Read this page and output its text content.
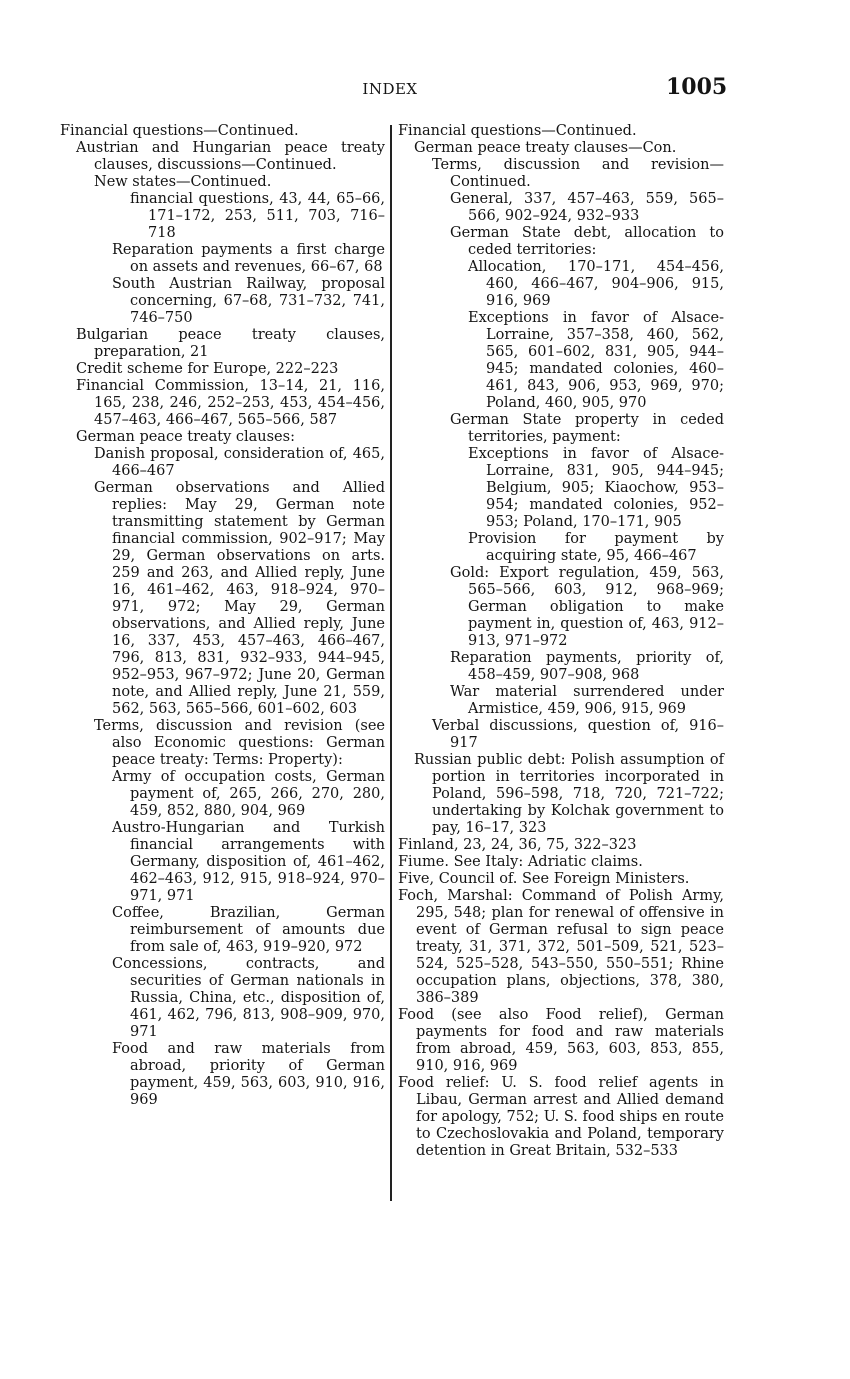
INDEX	1005

Financial questions—Continued.

Austrian and Hungarian peace treaty clauses, discussions—Continued.

New states—Continued.

financial questions, 43, 44, 65–66, 171–172, 253, 511, 703, 716–718

Reparation payments a first charge on assets and revenues, 66–67, 68

South Austrian Railway, proposal concerning, 67–68, 731–732, 741, 746–750

Bulgarian peace treaty clauses, preparation, 21

Credit scheme for Europe, 222–223

Financial Commission, 13–14, 21, 116, 165, 238, 246, 252–253, 453, 454–456, 457–463, 466–467, 565–566, 587

German peace treaty clauses:

Danish proposal, consideration of, 465, 466–467

German observations and Allied replies: May 29, German note transmitting statement by German financial commission, 902–917; May 29, German observations on arts. 259 and 263, and Allied reply, June 16, 461–462, 463, 918–924, 970–971, 972; May 29, German observations, and Allied reply, June 16, 337, 453, 457–463, 466–467, 796, 813, 831, 932–933, 944–945, 952–953, 967–972; June 20, German note, and Allied reply, June 21, 559, 562, 563, 565–566, 601–602, 603

Terms, discussion and revision (see also Economic questions: German peace treaty: Terms: Property):

Army of occupation costs, German payment of, 265, 266, 270, 280, 459, 852, 880, 904, 969

Austro-Hungarian and Turkish financial arrangements with Germany, disposition of, 461–462, 462–463, 912, 915, 918–924, 970–971, 971

Coffee, Brazilian, German reimbursement of amounts due from sale of, 463, 919–920, 972

Concessions, contracts, and securities of German nationals in Russia, China, etc., disposition of, 461, 462, 796, 813, 908–909, 970, 971

Food and raw materials from abroad, priority of German payment, 459, 563, 603, 910, 916, 969

Financial questions—Continued.

German peace treaty clauses—Con.

Terms, discussion and revision—Continued.

General, 337, 457–463, 559, 565–566, 902–924, 932–933

German State debt, allocation to ceded territories:

Allocation, 170–171, 454–456, 460, 466–467, 904–906, 915, 916, 969

Exceptions in favor of Alsace-Lorraine, 357–358, 460, 562, 565, 601–602, 831, 905, 944–945; mandated colonies, 460–461, 843, 906, 953, 969, 970; Poland, 460, 905, 970

German State property in ceded territories, payment:

Exceptions in favor of Alsace-Lorraine, 831, 905, 944–945; Belgium, 905; Kiaochow, 953–954; mandated colonies, 952–953; Poland, 170–171, 905

Provision for payment by acquiring state, 95, 466–467

Gold: Export regulation, 459, 563, 565–566, 603, 912, 968–969; German obligation to make payment in, question of, 463, 912–913, 971–972

Reparation payments, priority of, 458–459, 907–908, 968

War material surrendered under Armistice, 459, 906, 915, 969

Verbal discussions, question of, 916–917

Russian public debt: Polish assumption of portion in territories incorporated in Poland, 596–598, 718, 720, 721–722; undertaking by Kolchak government to pay, 16–17, 323

Finland, 23, 24, 36, 75, 322–323

Fiume. See Italy: Adriatic claims.

Five, Council of. See Foreign Ministers.

Foch, Marshal: Command of Polish Army, 295, 548; plan for renewal of offensive in event of German refusal to sign peace treaty, 31, 371, 372, 501–509, 521, 523–524, 525–528, 543–550, 550–551; Rhine occupation plans, objections, 378, 380, 386–389

Food (see also Food relief), German payments for food and raw materials from abroad, 459, 563, 603, 853, 855, 910, 916, 969

Food relief: U. S. food relief agents in Libau, German arrest and Allied demand for apology, 752; U. S. food ships en route to Czechoslovakia and Poland, temporary detention in Great Britain, 532–533
